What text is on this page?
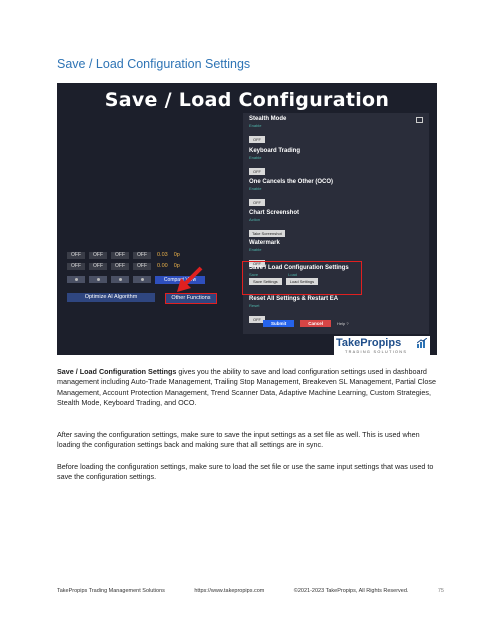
Save / Load Configuration Settings
Save / Load Configuration
OFF	OFF	OFF	OFF	0.03 0p
OFF	OFF	OFF	OFF	0.00 0p
Compact View
Optimize AI Algorithm	Other Functions
Stealth Mode
Enable
OFF
Keyboard Trading
Enable
OFF
One Cancels the Other (OCO)
Enable
OFF
Chart Screenshot
Action
Take Screenshot
Watermark
Enable
OFF
Save / Load Configuration Settings
Save	Load
Save Settings	Load Settings
Reset All Settings & Restart EA
Reset
OFF
Submit	Cancel	Help ?
TakePropips
TRADING SOLUTIONS

Save / Load Configuration Settings gives you the ability to save and load configuration settings used in dashboard management including Auto-Trade Management, Trailing Stop Management, Breakeven SL Management, Partial Close Management, Account Protection Management, Trend Scanner Data, Adaptive Machine Learning, Custom Strategies, Stealth Mode, Keyboard Trading, and OCO.

After saving the configuration settings, make sure to save the input settings as a set file as well. This is used when loading the configuration settings back and making sure that all settings are in sync.

Before loading the configuration settings, make sure to load the set file or use the same input settings that was used to save the configuration settings.

TakePropips Trading Management Solutions	https://www.takepropips.com	©2021-2023 TakePropips, All Rights Reserved.	75
